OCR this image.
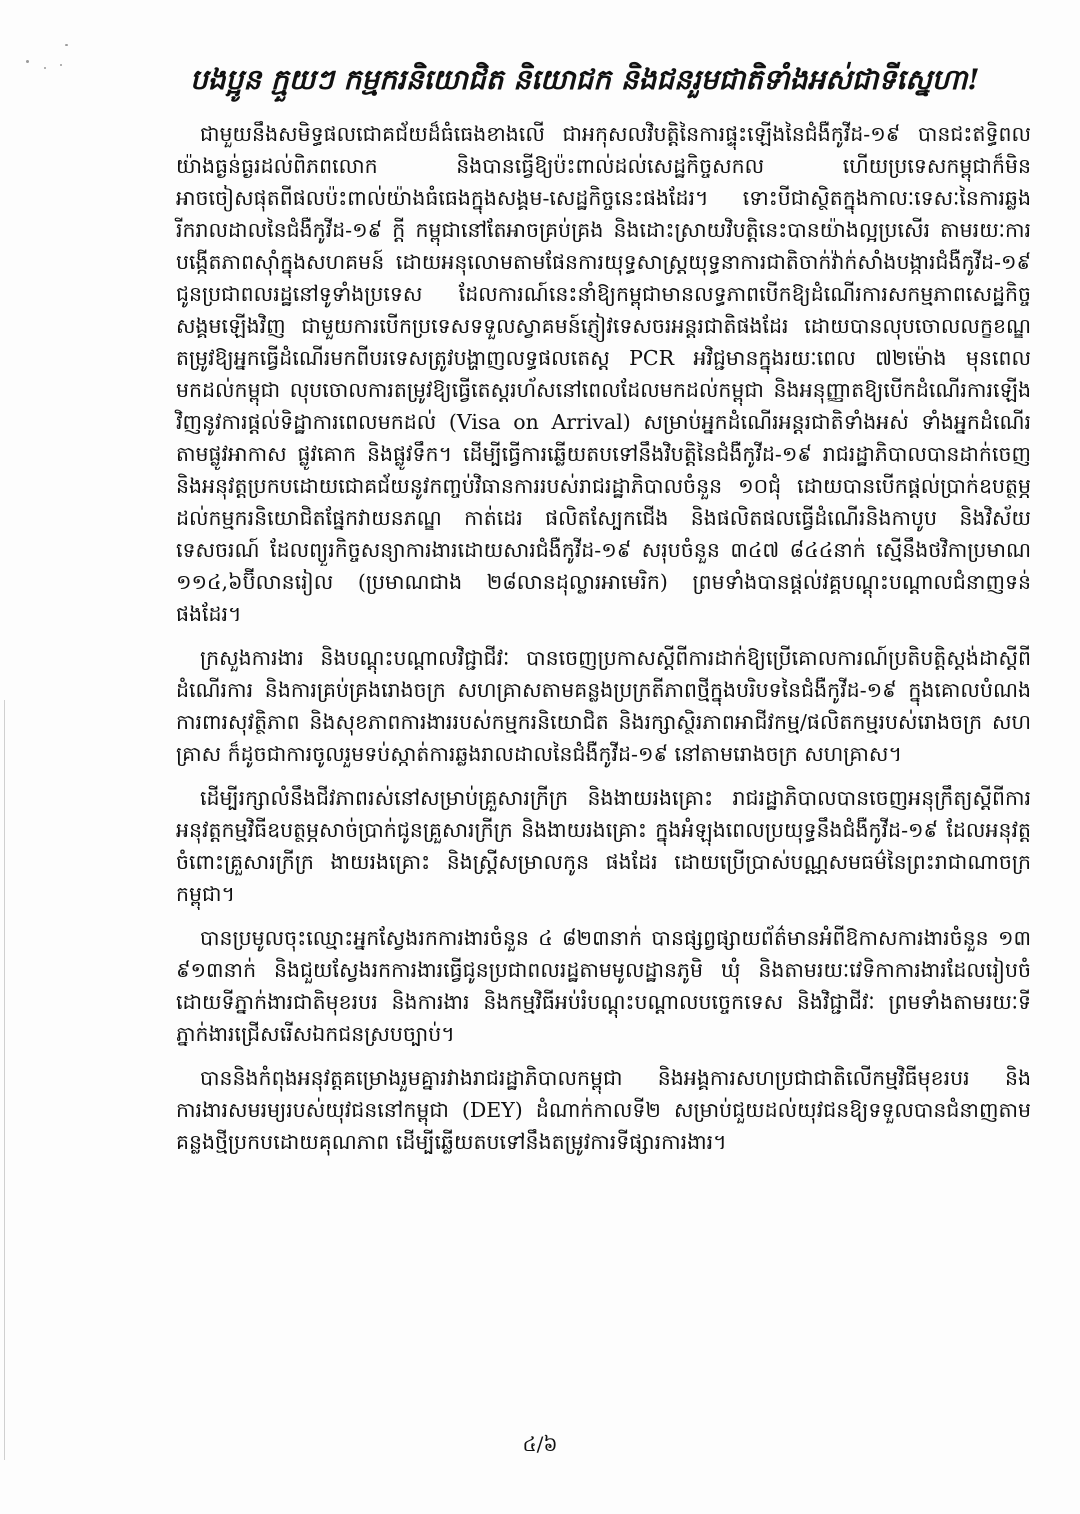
បងប្អូន ក្មួយៗ កម្មករនិយោជិត និយោជក និងជនរួមជាតិទាំងអស់ជាទីស្នេហា!

ជាមួយនឹងសមិទ្ធផលជោគជ័យដ៏ធំធេងខាងលើ ជាអកុសលវិបត្តិនៃការផ្ទុះឡើងនៃជំងឺកូវីដ-១៩ បានជះឥទ្ធិពលយ៉ាងធ្ងន់ធ្ងរដល់ពិភពលោក និងបានធ្វើឱ្យប៉ះពាល់ដល់សេដ្ឋកិច្ចសកល ហើយប្រទេសកម្ពុជាក៏មិនអាចចៀសផុតពីផលប៉ះពាល់យ៉ាងធំធេងក្នុងសង្គម-សេដ្ឋកិច្ចនេះផងដែរ។ ទោះបីជាស្ថិតក្នុងកាលៈទេសៈនៃការឆ្លងរីករាលដាលនៃជំងឺកូវីដ-១៩ ក្ដី កម្ពុជានៅតែអាចគ្រប់គ្រង និងដោះស្រាយវិបត្តិនេះបានយ៉ាងល្អប្រសើរ តាមរយៈការបង្កើតភាពស៊ាំក្នុងសហគមន៍ ដោយអនុលោមតាមផែនការយុទ្ធសាស្ត្រយុទ្ធនាការជាតិចាក់វ៉ាក់សាំងបង្ការជំងឺកូវីដ-១៩ ជូនប្រជាពលរដ្ឋនៅទូទាំងប្រទេស ដែលការណ៍នេះនាំឱ្យកម្ពុជាមានលទ្ធភាពបើកឱ្យដំណើរការសកម្មភាពសេដ្ឋកិច្ចសង្គមឡើងវិញ ជាមួយការបើកប្រទេសទទួលស្វាគមន៍ភ្ញៀវទេសចរអន្តរជាតិផងដែរ ដោយបានលុបចោលលក្ខខណ្ឌតម្រូវឱ្យអ្នកធ្វើដំណើរមកពីបរទេសត្រូវបង្ហាញលទ្ធផលតេស្ត PCR អវិជ្ជមានក្នុងរយៈពេល ៧២ម៉ោង មុនពេលមកដល់កម្ពុជា លុបចោលការតម្រូវឱ្យធ្វើតេស្តរហ័សនៅពេលដែលមកដល់កម្ពុជា និងអនុញ្ញាតឱ្យបើកដំណើរការឡើងវិញនូវការផ្ដល់ទិដ្ឋាការពេលមកដល់ (Visa on Arrival) សម្រាប់អ្នកដំណើរអន្តរជាតិទាំងអស់ ទាំងអ្នកដំណើរតាមផ្លូវអាកាស ផ្លូវគោក និងផ្លូវទឹក។ ដើម្បីធ្វើការឆ្លើយតបទៅនឹងវិបត្តិនៃជំងឺកូវីដ-១៩ រាជរដ្ឋាភិបាលបានដាក់ចេញ និងអនុវត្តប្រកបដោយជោគជ័យនូវកញ្ចប់វិធានការរបស់រាជរដ្ឋាភិបាលចំនួន ១០ជុំ ដោយបានបើកផ្ដល់ប្រាក់ឧបត្ថម្ភដល់កម្មករនិយោជិតផ្នែកវាយនភណ្ឌ កាត់ដេរ ផលិតស្បែកជើង និងផលិតផលធ្វើដំណើរនិងកាបូប និងវិស័យទេសចរណ៍ ដែលព្យួរកិច្ចសន្យាការងារដោយសារជំងឺកូវីដ-១៩ សរុបចំនួន ៣៤៧ ៨៤៤នាក់ ស្មើនឹងថវិកាប្រមាណ ១១៤,៦ប៊ីលានរៀល (ប្រមាណជាង ២៨លានដុល្លារអាមេរិក) ព្រមទាំងបានផ្ដល់វគ្គបណ្ដុះបណ្ដាលជំនាញទន់ផងដែរ។

ក្រសួងការងារ និងបណ្ដុះបណ្ដាលវិជ្ជាជីវៈ បានចេញប្រកាសស្ដីពីការដាក់ឱ្យប្រើគោលការណ៍ប្រតិបត្តិស្ដង់ដាស្ដីពីដំណើរការ និងការគ្រប់គ្រងរោងចក្រ សហគ្រាសតាមគន្លងប្រក្រតីភាពថ្មីក្នុងបរិបទនៃជំងឺកូវីដ-១៩ ក្នុងគោលបំណងការពារសុវត្ថិភាព និងសុខភាពការងាររបស់កម្មករនិយោជិត និងរក្សាស្ថិរភាពអាជីវកម្ម/ផលិតកម្មរបស់រោងចក្រ សហគ្រាស ក៏ដូចជាការចូលរួមទប់ស្កាត់ការឆ្លងរាលដាលនៃជំងឺកូវីដ-១៩ នៅតាមរោងចក្រ សហគ្រាស។

ដើម្បីរក្សាលំនឹងជីវភាពរស់នៅសម្រាប់គ្រួសារក្រីក្រ និងងាយរងគ្រោះ រាជរដ្ឋាភិបាលបានចេញអនុក្រឹត្យស្ដីពីការអនុវត្តកម្មវិធីឧបត្ថម្ភសាច់ប្រាក់ជូនគ្រួសារក្រីក្រ និងងាយរងគ្រោះ ក្នុងអំឡុងពេលប្រយុទ្ធនឹងជំងឺកូវីដ-១៩ ដែលអនុវត្តចំពោះគ្រួសារក្រីក្រ ងាយរងគ្រោះ និងស្ត្រីសម្រាលកូន ផងដែរ ដោយប្រើប្រាស់បណ្ណសមធម៌នៃព្រះរាជាណាចក្រកម្ពុជា។

បានប្រមូលចុះឈ្មោះអ្នកស្វែងរកការងារចំនួន ៤ ៨២៣នាក់ បានផ្សព្វផ្សាយព័ត៌មានអំពីឱកាសការងារចំនួន ១៣ ៩១៣នាក់ និងជួយស្វែងរកការងារធ្វើជូនប្រជាពលរដ្ឋតាមមូលដ្ឋានភូមិ ឃុំ និងតាមរយៈវេទិកាការងារដែលរៀបចំដោយទីភ្នាក់ងារជាតិមុខរបរ និងការងារ និងកម្មវិធីអប់រំបណ្ដុះបណ្ដាលបច្ចេកទេស និងវិជ្ជាជីវៈ ព្រមទាំងតាមរយៈទីភ្នាក់ងារជ្រើសរើសឯកជនស្របច្បាប់។

បាននិងកំពុងអនុវត្តគម្រោងរួមគ្នារវាងរាជរដ្ឋាភិបាលកម្ពុជា និងអង្គការសហប្រជាជាតិលើកម្មវិធីមុខរបរ និងការងារសមរម្យរបស់យុវជននៅកម្ពុជា (DEY) ដំណាក់កាលទី២ សម្រាប់ជួយដល់យុវជនឱ្យទទួលបានជំនាញតាមគន្លងថ្មីប្រកបដោយគុណភាព ដើម្បីឆ្លើយតបទៅនឹងតម្រូវការទីផ្សារការងារ។

៤/៦
